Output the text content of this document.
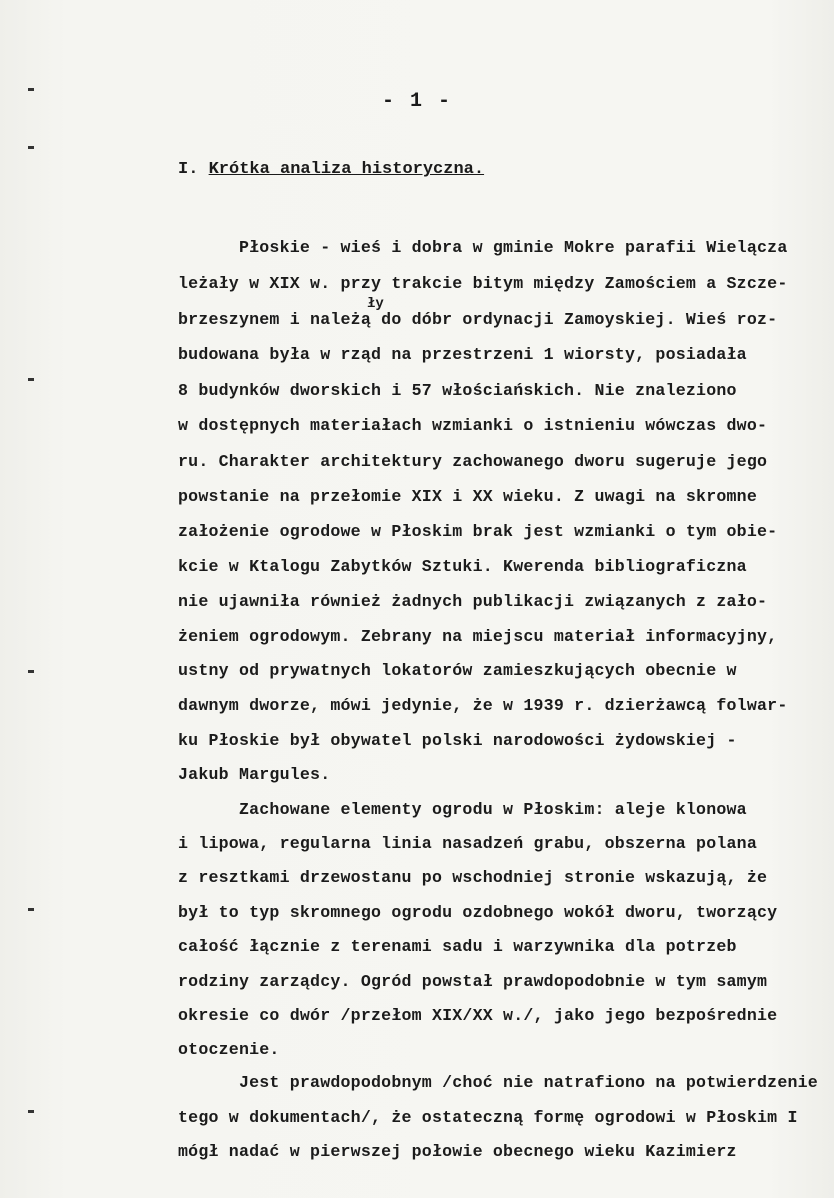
- 1 -
I. Krótka analiza historyczna.
ły
Płoskie - wieś i dobra w gminie Mokre parafii Wielącza
leżały w XIX w. przy trakcie bitym między Zamościem a Szcze-
brzeszynem i należą do dóbr ordynacji Zamoyskiej. Wieś roz-
budowana była w rząd na przestrzeni 1 wiorsty, posiadała
8 budynków dworskich i 57 włościańskich. Nie znaleziono
w dostępnych materiałach wzmianki o istnieniu wówczas dwo-
ru. Charakter architektury zachowanego dworu sugeruje jego
powstanie na przełomie XIX i XX wieku. Z uwagi na skromne
założenie ogrodowe w Płoskim brak jest wzmianki o tym obie-
kcie w Ktalogu Zabytków Sztuki. Kwerenda bibliograficzna
nie ujawniła również żadnych publikacji związanych z zało-
żeniem ogrodowym. Zebrany na miejscu materiał informacyjny,
ustny od prywatnych lokatorów zamieszkujących obecnie w
dawnym dworze, mówi jedynie, że w 1939 r. dzierżawcą folwar-
ku Płoskie był obywatel polski narodowości żydowskiej -
Jakub Margules.
Zachowane elementy ogrodu w Płoskim: aleje klonowa
i lipowa, regularna linia nasadzeń grabu, obszerna polana
z resztkami drzewostanu po wschodniej stronie wskazują, że
był to typ skromnego ogrodu ozdobnego wokół dworu, tworzący
całość łącznie z terenami sadu i warzywnika dla potrzeb
rodziny zarządcy. Ogród powstał prawdopodobnie w tym samym
okresie co dwór /przełom XIX/XX w./, jako jego bezpośrednie
otoczenie.
Jest prawdopodobnym /choć nie natrafiono na potwierdzenie
tego w dokumentach/, że ostateczną formę ogrodowi w Płoskim I
mógł nadać w pierwszej połowie obecnego wieku Kazimierz
